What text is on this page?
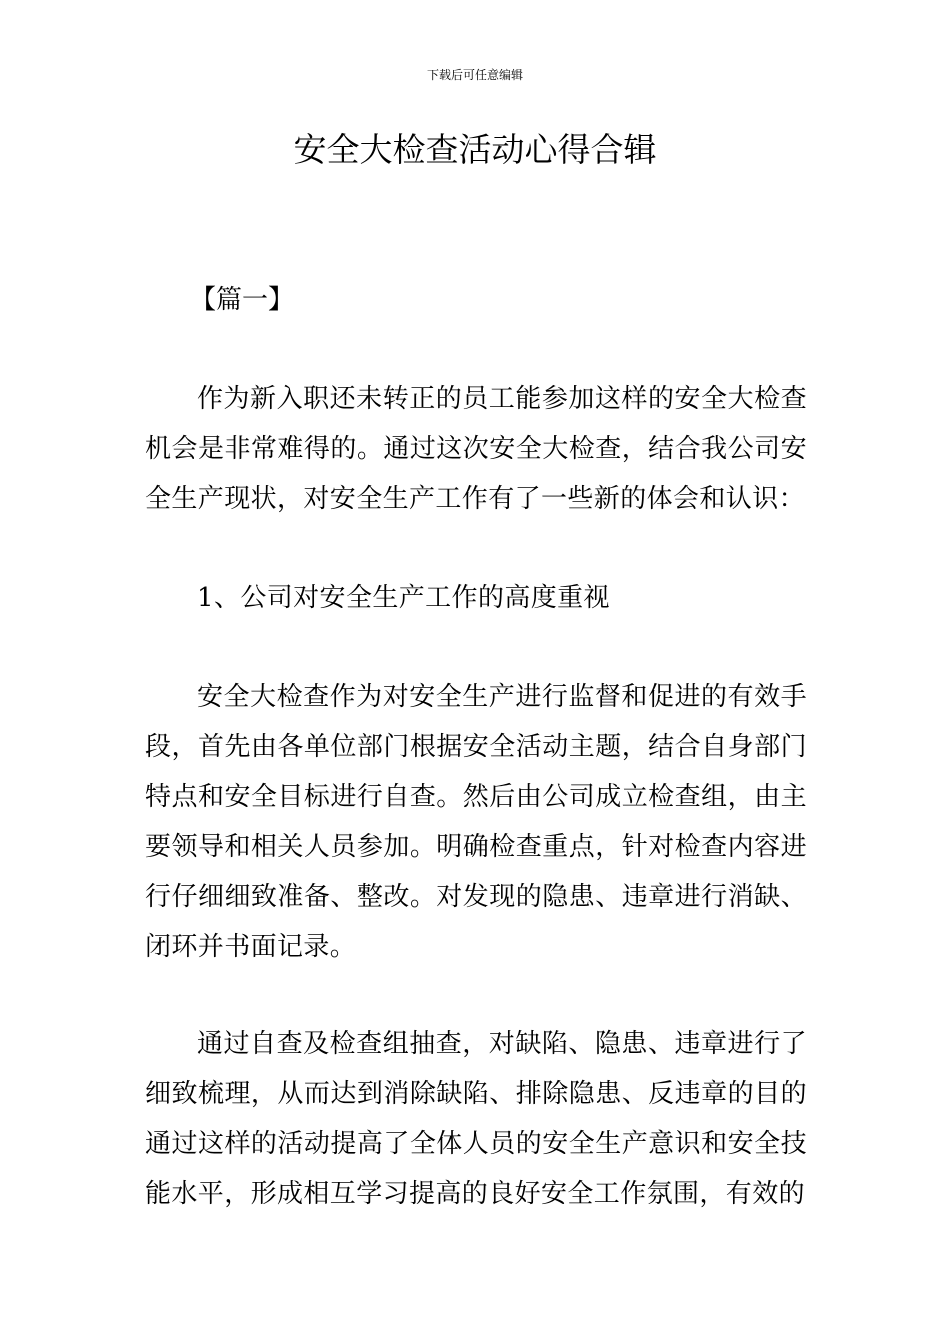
下载后可任意编辑
安全大检查活动心得合辑
【篇一】

作为新入职还未转正的员工能参加这样的安全大检查机会是非常难得的。通过这次安全大检查，结合我公司安全生产现状，对安全生产工作有了一些新的体会和认识：

1、公司对安全生产工作的高度重视

安全大检查作为对安全生产进行监督和促进的有效手段，首先由各单位部门根据安全活动主题，结合自身部门特点和安全目标进行自查。然后由公司成立检查组，由主要领导和相关人员参加。明确检查重点，针对检查内容进行仔细细致准备、整改。对发现的隐患、违章进行消缺、闭环并书面记录。

通过自查及检查组抽查，对缺陷、隐患、违章进行了细致梳理，从而达到消除缺陷、排除隐患、反违章的目的通过这样的活动提高了全体人员的安全生产意识和安全技能水平，形成相互学习提高的良好安全工作氛围，有效的
